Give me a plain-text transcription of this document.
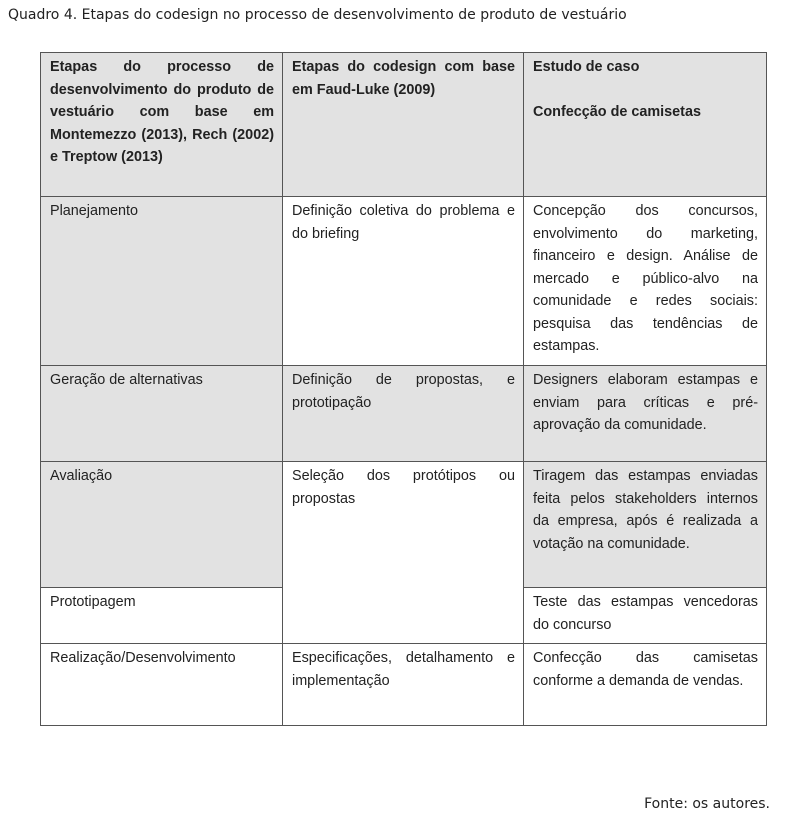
Quadro 4. Etapas do codesign no processo de desenvolvimento de produto de vestuário
Etapas do processo de desenvolvimento do produto de vestuário com base em Montemezzo (2013), Rech (2002) e Treptow (2013)	Etapas do codesign com base em Faud-Luke (2009)	Estudo de caso
Confecção de camisetas
Planejamento	Definição coletiva do problema e do briefing	Concepção dos concursos, envolvimento do marketing, financeiro e design. Análise de mercado e público-alvo na comunidade e redes sociais: pesquisa das tendências de estampas.
Geração de alternativas	Definição de propostas, e prototipação	Designers elaboram estampas e enviam para críticas e pré-aprovação da comunidade.
Avaliação	Seleção dos protótipos ou propostas	Tiragem das estampas enviadas feita pelos stakeholders internos da empresa, após é realizada a votação na comunidade.
Prototipagem		Teste das estampas vencedoras do concurso
Realização/Desenvolvimento	Especificações, detalhamento e implementação	Confecção das camisetas conforme a demanda de vendas.
Fonte: os autores.
